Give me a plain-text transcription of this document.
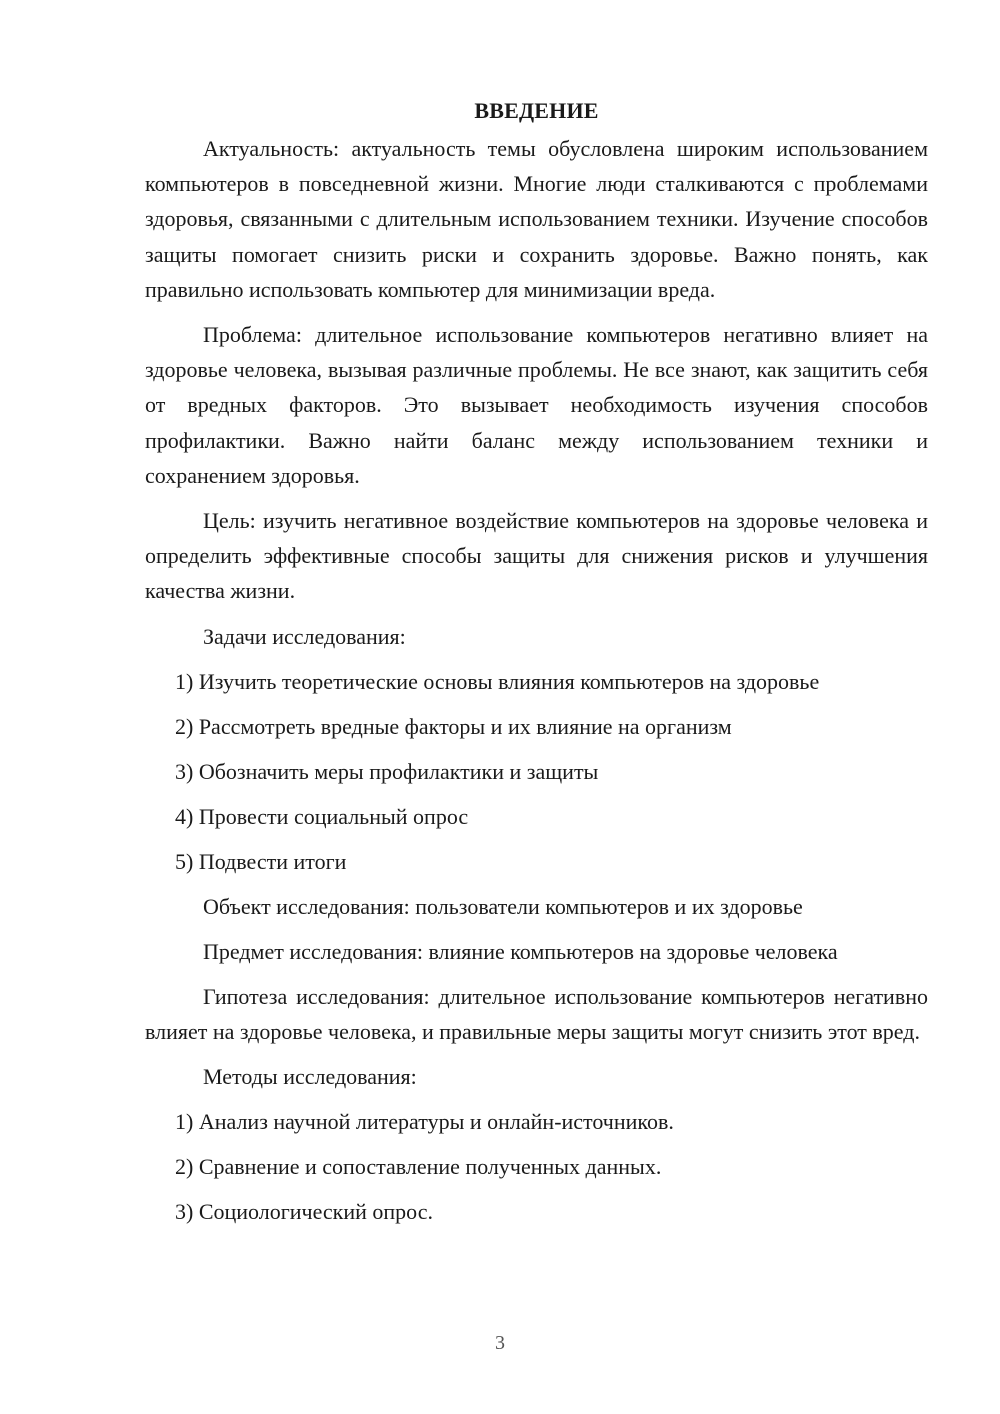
ВВЕДЕНИЕ

Актуальность: актуальность темы обусловлена широким использованием компьютеров в повседневной жизни. Многие люди сталкиваются с проблемами здоровья, связанными с длительным использованием техники. Изучение способов защиты помогает снизить риски и сохранить здоровье. Важно понять, как правильно использовать компьютер для минимизации вреда.

Проблема: длительное использование компьютеров негативно влияет на здоровье человека, вызывая различные проблемы. Не все знают, как защитить себя от вредных факторов. Это вызывает необходимость изучения способов профилактики. Важно найти баланс между использованием техники и сохранением здоровья.

Цель: изучить негативное воздействие компьютеров на здоровье человека и определить эффективные способы защиты для снижения рисков и улучшения качества жизни.

Задачи исследования:
1) Изучить теоретические основы влияния компьютеров на здоровье
2) Рассмотреть вредные факторы и их влияние на организм
3) Обозначить меры профилактики и защиты
4) Провести социальный опрос
5) Подвести итоги
Объект исследования: пользователи компьютеров и их здоровье
Предмет исследования: влияние компьютеров на здоровье человека

Гипотеза исследования: длительное использование компьютеров негативно влияет на здоровье человека, и правильные меры защиты могут снизить этот вред.

Методы исследования:
1) Анализ научной литературы и онлайн-источников.
2) Сравнение и сопоставление полученных данных.
3) Социологический опрос.
3
